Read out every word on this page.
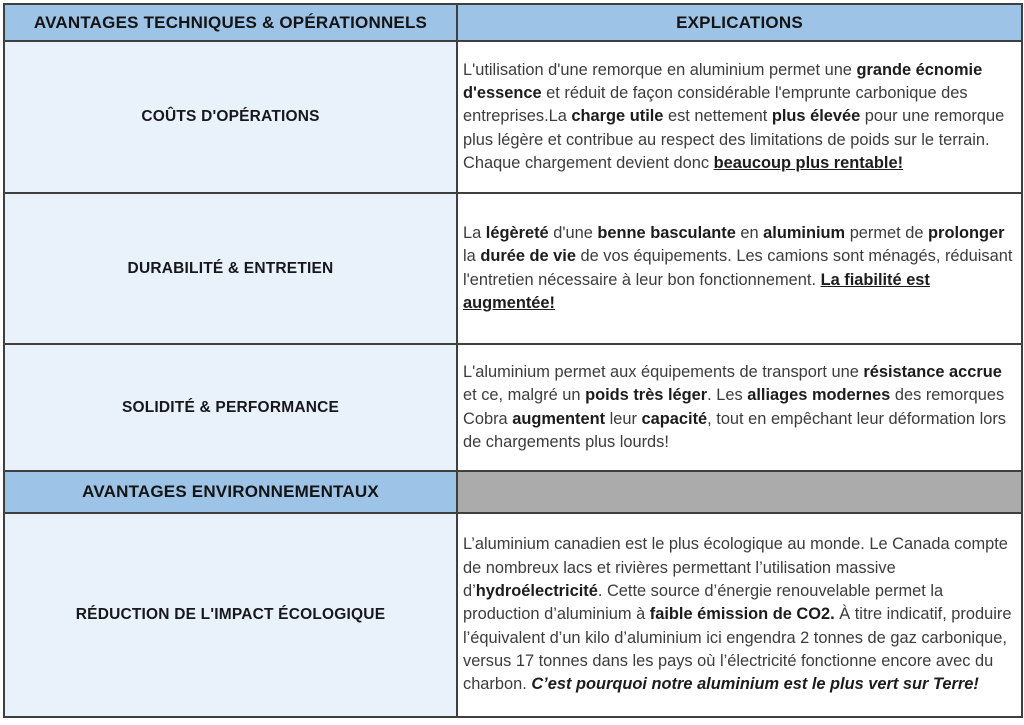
AVANTAGES TECHNIQUES & OPÉRATIONNELS	EXPLICATIONS
COÛTS D'OPÉRATIONS	L'utilisation d'une remorque en aluminium permet une grande écnomie d'essence et réduit de façon considérable l'emprunte carbonique des entreprises.La charge utile est nettement plus élevée pour une remorque plus légère et contribue au respect des limitations de poids sur le terrain. Chaque chargement devient donc beaucoup plus rentable!
DURABILITÉ & ENTRETIEN	La légèreté d'une benne basculante en aluminium permet de prolonger la durée de vie de vos équipements. Les camions sont ménagés, réduisant l'entretien nécessaire à leur bon fonctionnement. La fiabilité est augmentée!
SOLIDITÉ & PERFORMANCE	L'aluminium permet aux équipements de transport une résistance accrue et ce, malgré un poids très léger. Les alliages modernes des remorques Cobra augmentent leur capacité, tout en empêchant leur déformation lors de chargements plus lourds!
AVANTAGES ENVIRONNEMENTAUX	
RÉDUCTION DE L'IMPACT ÉCOLOGIQUE	L’aluminium canadien est le plus écologique au monde. Le Canada compte de nombreux lacs et rivières permettant l’utilisation massive d’hydroélectricité. Cette source d’énergie renouvelable permet la production d’aluminium à faible émission de CO2. À titre indicatif, produire l’équivalent d’un kilo d’aluminium ici engendra 2 tonnes de gaz carbonique, versus 17 tonnes dans les pays où l’électricité fonctionne encore avec du charbon. C’est pourquoi notre aluminium est le plus vert sur Terre!
